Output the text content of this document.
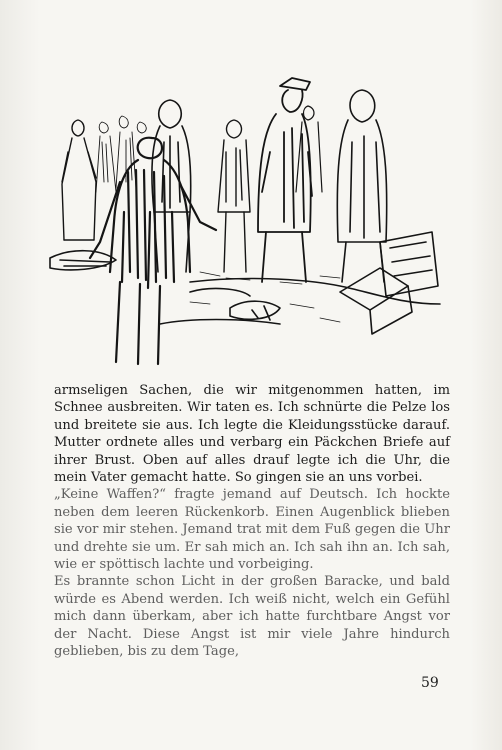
armseligen Sachen, die wir mitgenommen hatten, im Schnee ausbreiten. Wir taten es. Ich schnürte die Pelze los und breitete sie aus. Ich legte die Kleidungsstücke darauf. Mutter ordnete alles und verbarg ein Päckchen Briefe auf ihrer Brust. Oben auf alles drauf legte ich die Uhr, die mein Vater gemacht hatte. So gingen sie an uns vorbei.

„Keine Waffen?“ fragte jemand auf Deutsch. Ich hockte neben dem leeren Rückenkorb. Einen Augenblick blieben sie vor mir stehen. Jemand trat mit dem Fuß gegen die Uhr und drehte sie um. Er sah mich an. Ich sah ihn an. Ich sah, wie er spöttisch lachte und vorbeiging.

Es brannte schon Licht in der großen Baracke, und bald würde es Abend werden. Ich weiß nicht, welch ein Gefühl mich dann überkam, aber ich hatte furchtbare Angst vor der Nacht. Diese Angst ist mir viele Jahre hindurch geblieben, bis zu dem Tage,

59
